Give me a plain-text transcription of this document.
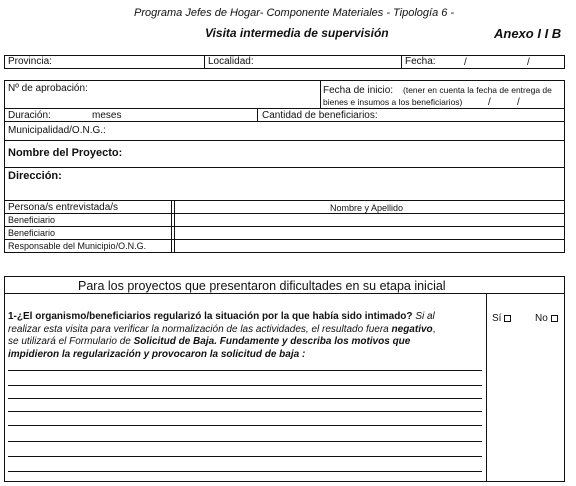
Programa Jefes de Hogar- Componente Materiales - Tipología 6 -
Visita intermedia de supervisión	Anexo I I B
Provincia:	Localidad:	Fecha:	/	/
Nº de aprobación:	Fecha de inicio: (tener en cuenta la fecha de entrega de
bienes e insumos a los beneficiarios)	/	/
Duración:	meses	Cantidad de beneficiarios:
Municipalidad/O.N.G.:
Nombre del Proyecto:
Dirección:
Persona/s entrevistada/s	Nombre y Apellido
Beneficiario
Beneficiario
Responsable del Municipio/O.N.G.
Para los proyectos que presentaron dificultades en su etapa inicial
1-¿El organismo/beneficiarios regularizó la situación por la que había sido intimado? Si al
realizar esta visita para verificar la normalización de las actividades, el resultado fuera negativo,
se utilizará el Formulario de Solicitud de Baja. Fundamente y describa los motivos que
impidieron la regularización y provocaron la solicitud de baja :
Sí	No
